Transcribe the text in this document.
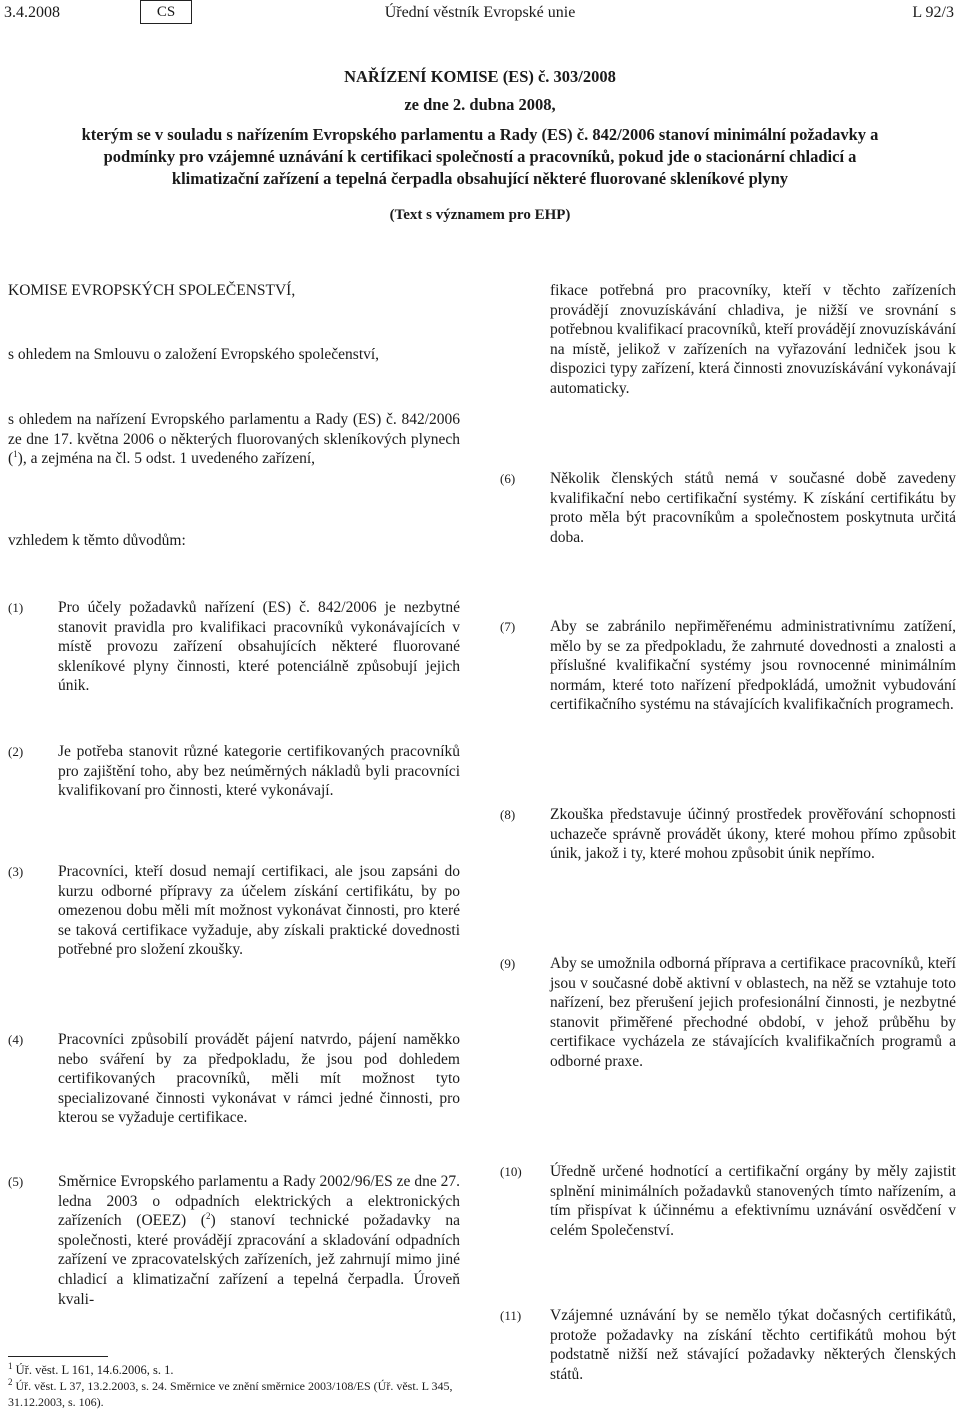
3.4.2008	CS	Úřední věstník Evropské unie	L 92/3
NAŘÍZENÍ KOMISE (ES) č. 303/2008
ze dne 2. dubna 2008,
kterým se v souladu s nařízením Evropského parlamentu a Rady (ES) č. 842/2006 stanoví minimální požadavky a podmínky pro vzájemné uznávání k certifikaci společností a pracovníků, pokud jde o stacionární chladicí a klimatizační zařízení a tepelná čerpadla obsahující některé fluorované skleníkové plyny
(Text s významem pro EHP)
KOMISE EVROPSKÝCH SPOLEČENSTVÍ,
s ohledem na Smlouvu o založení Evropského společenství,
s ohledem na nařízení Evropského parlamentu a Rady (ES) č. 842/2006 ze dne 17. května 2006 o některých fluorovaných skleníkových plynech ($^1$), a zejména na čl. 5 odst. 1 uvedeného zařízení,
vzhledem k těmto důvodům:
(1)	Pro účely požadavků nařízení (ES) č. 842/2006 je nezbytné stanovit pravidla pro kvalifikaci pracovníků vykonávajících v místě provozu zařízení obsahujících některé fluorované skleníkové plyny činnosti, které potenciálně způsobují jejich únik.
(2)	Je potřeba stanovit různé kategorie certifikovaných pracovníků pro zajištění toho, aby bez neúměrných nákladů byli pracovníci kvalifikovaní pro činnosti, které vykonávají.
(3)	Pracovníci, kteří dosud nemají certifikaci, ale jsou zapsáni do kurzu odborné přípravy za účelem získání certifikátu, by po omezenou dobu měli mít možnost vykonávat činnosti, pro které se taková certifikace vyžaduje, aby získali praktické dovednosti potřebné pro složení zkoušky.
(4)	Pracovníci způsobilí provádět pájení natvrdo, pájení naměkko nebo sváření by za předpokladu, že jsou pod dohledem certifikovaných pracovníků, měli mít možnost tyto specializované činnosti vykonávat v rámci jedné činnosti, pro kterou se vyžaduje certifikace.
(5)	Směrnice Evropského parlamentu a Rady 2002/96/ES ze dne 27. ledna 2003 o odpadních elektrických a elektronických zařízeních (OEEZ) ($^2$) stanoví technické požadavky na společnosti, které provádějí zpracování a skladování odpadních zařízení ve zpracovatelských zařízeních, jež zahrnují mimo jiné chladicí a klimatizační zařízení a tepelná čerpadla. Úroveň kvali-
$^1$ Úř. věst. L 161, 14.6.2006, s. 1.
$^2$ Úř. věst. L 37, 13.2.2003, s. 24. Směrnice ve znění směrnice 2003/108/ES (Úř. věst. L 345, 31.12.2003, s. 106).
fikace potřebná pro pracovníky, kteří v těchto zařízeních provádějí znovuzískávání chladiva, je nižší ve srovnání s potřebnou kvalifikací pracovníků, kteří provádějí znovuzískávání na místě, jelikož v zařízeních na vyřazování ledniček jsou k dispozici typy zařízení, která činnosti znovuzískávání vykonávají automaticky.
(6)	Několik členských států nemá v současné době zavedeny kvalifikační nebo certifikační systémy. K získání certifikátu by proto měla být pracovníkům a společnostem poskytnuta určitá doba.
(7)	Aby se zabránilo nepřiměřenému administrativnímu zatížení, mělo by se za předpokladu, že zahrnuté dovednosti a znalosti a příslušné kvalifikační systémy jsou rovnocenné minimálním normám, které toto nařízení předpokládá, umožnit vybudování certifikačního systému na stávajících kvalifikačních programech.
(8)	Zkouška představuje účinný prostředek prověřování schopnosti uchazeče správně provádět úkony, které mohou přímo způsobit únik, jakož i ty, které mohou způsobit únik nepřímo.
(9)	Aby se umožnila odborná příprava a certifikace pracovníků, kteří jsou v současné době aktivní v oblastech, na něž se vztahuje toto nařízení, bez přerušení jejich profesionální činnosti, je nezbytné stanovit přiměřené přechodné období, v jehož průběhu by certifikace vycházela ze stávajících kvalifikačních programů a odborné praxe.
(10)	Úředně určené hodnotící a certifikační orgány by měly zajistit splnění minimálních požadavků stanovených tímto nařízením, a tím přispívat k účinnému a efektivnímu uznávání osvědčení v celém Společenství.
(11)	Vzájemné uznávání by se nemělo týkat dočasných certifikátů, protože požadavky na získání těchto certifikátů mohou být podstatně nižší než stávající požadavky některých členských států.
